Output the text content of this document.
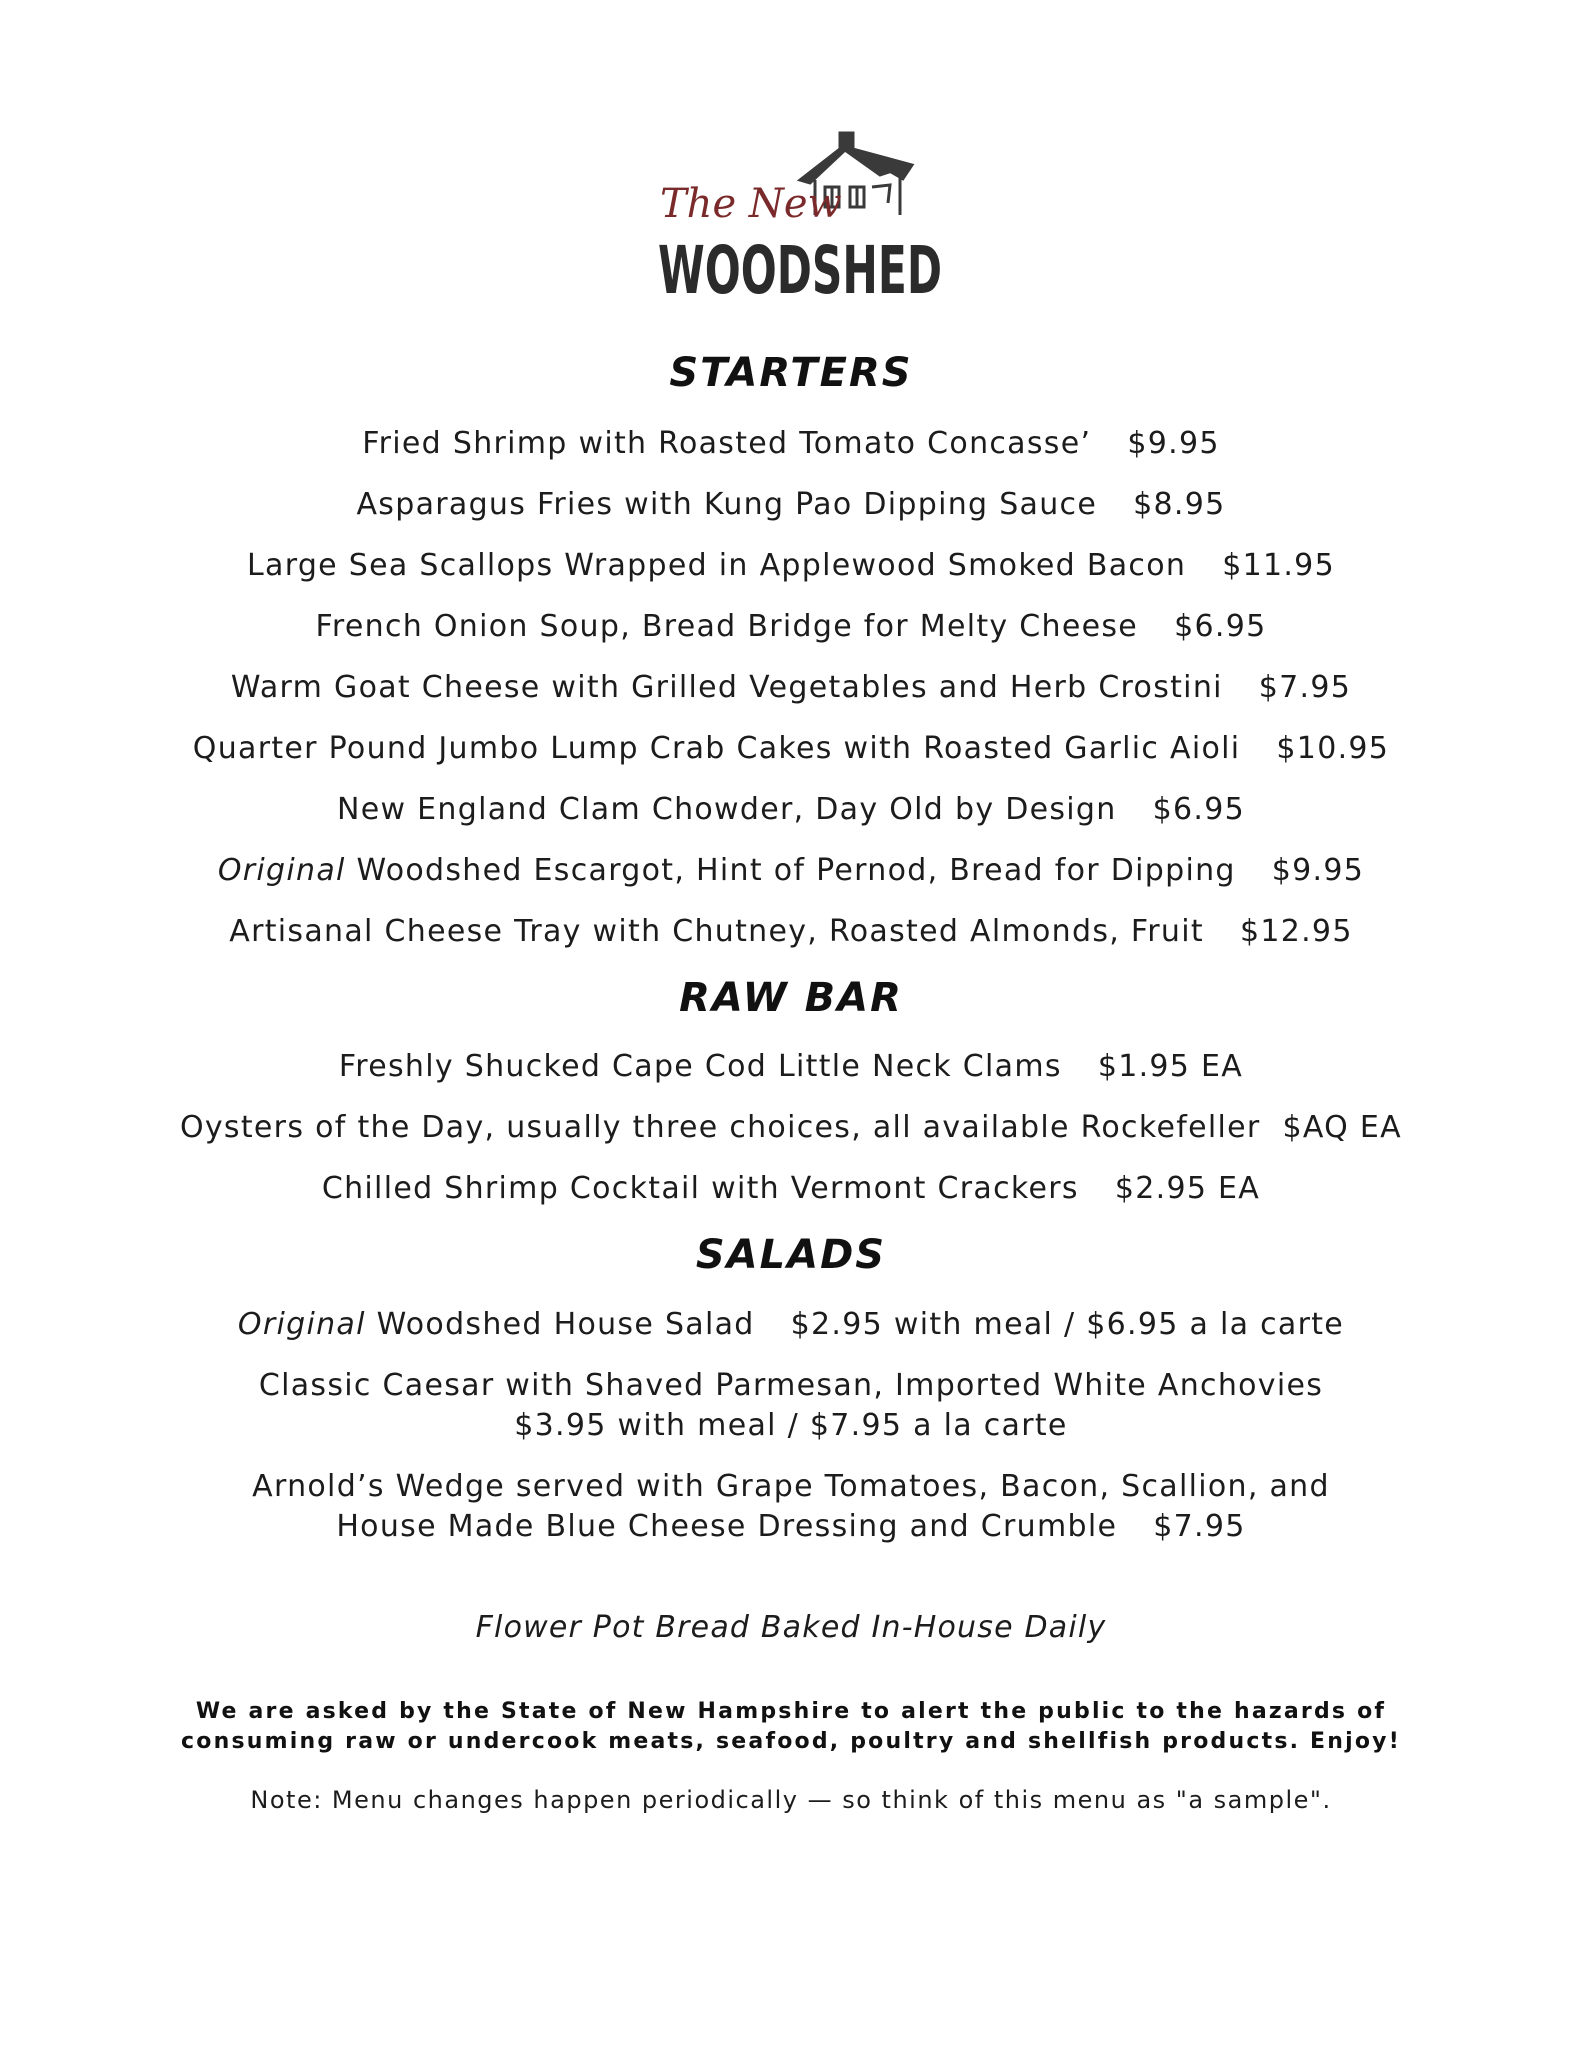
The New
WOODSHED
STARTERS
Fried Shrimp with Roasted Tomato Concasse’ $9.95
Asparagus Fries with Kung Pao Dipping Sauce $8.95
Large Sea Scallops Wrapped in Applewood Smoked Bacon $11.95
French Onion Soup, Bread Bridge for Melty Cheese $6.95
Warm Goat Cheese with Grilled Vegetables and Herb Crostini $7.95
Quarter Pound Jumbo Lump Crab Cakes with Roasted Garlic Aioli $10.95
New England Clam Chowder, Day Old by Design $6.95
Original Woodshed Escargot, Hint of Pernod, Bread for Dipping $9.95
Artisanal Cheese Tray with Chutney, Roasted Almonds, Fruit $12.95
RAW BAR
Freshly Shucked Cape Cod Little Neck Clams $1.95 EA
Oysters of the Day, usually three choices, all available Rockefeller $AQ EA
Chilled Shrimp Cocktail with Vermont Crackers $2.95 EA
SALADS
Original Woodshed House Salad $2.95 with meal / $6.95 a la carte
Classic Caesar with Shaved Parmesan, Imported White Anchovies
$3.95 with meal / $7.95 a la carte
Arnold’s Wedge served with Grape Tomatoes, Bacon, Scallion, and
House Made Blue Cheese Dressing and Crumble $7.95
Flower Pot Bread Baked In-House Daily
We are asked by the State of New Hampshire to alert the public to the hazards of
consuming raw or undercook meats, seafood, poultry and shellfish products. Enjoy!
Note: Menu changes happen periodically — so think of this menu as "a sample".
